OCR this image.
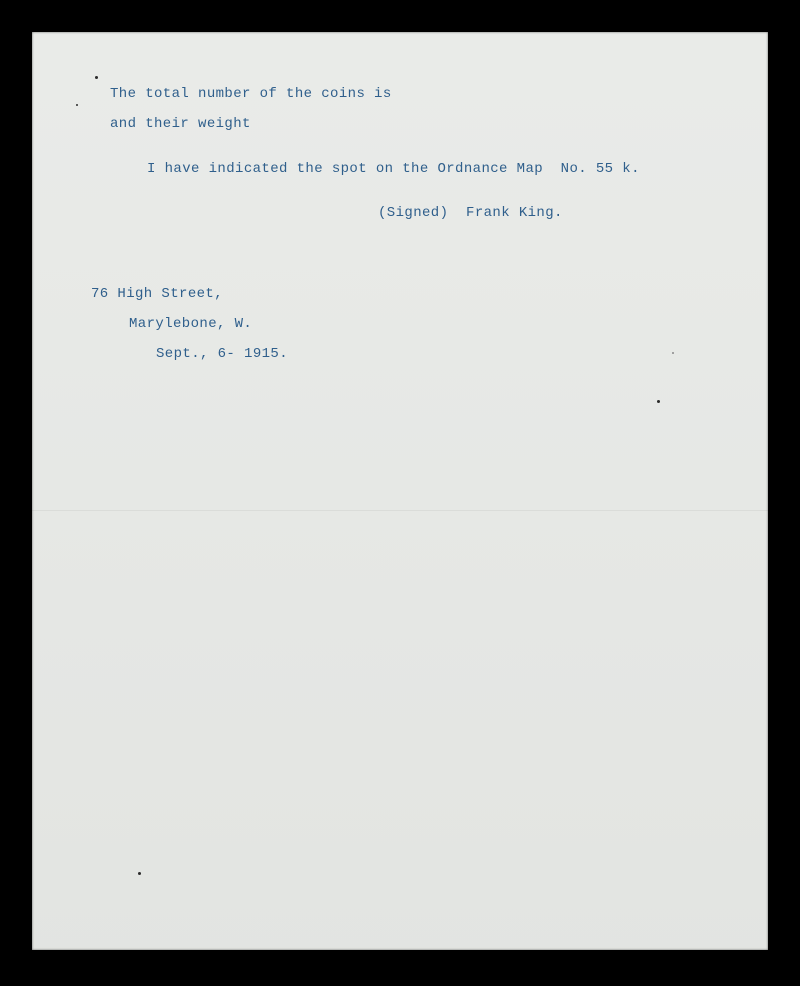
The total number of the coins is
and their weight
I have indicated the spot on the Ordnance Map  No. 55 k.
(Signed)  Frank King.
76 High Street,
Marylebone, W.
Sept., 6- 1915.
